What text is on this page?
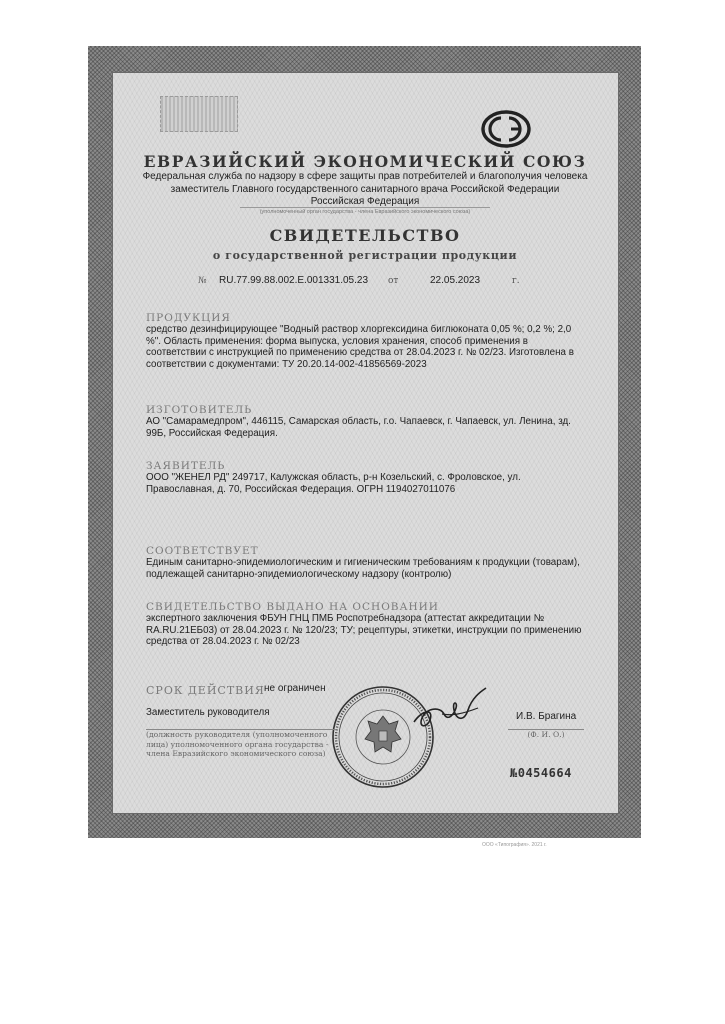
ЕВРАЗИЙСКИЙ ЭКОНОМИЧЕСКИЙ СОЮЗ
Федеральная служба по надзору в сфере защиты прав потребителей и благополучия человека
заместитель Главного государственного санитарного врача Российской Федерации
Российская Федерация
(уполномоченный орган государства - члена Евразийского экономического союза)
СВИДЕТЕЛЬСТВО
о государственной регистрации продукции
№ RU.77.99.88.002.E.001331.05.23 от	22.05.2023	г.
ПРОДУКЦИЯ
средство дезинфицирующее "Водный раствор хлоргексидина биглюконата 0,05 %; 0,2 %; 2,0 %". Область применения: форма выпуска, условия хранения, способ применения в соответствии с инструкцией по применению средства от 28.04.2023 г. № 02/23. Изготовлена в соответствии с документами: ТУ 20.20.14-002-41856569-2023
ИЗГОТОВИТЕЛЬ
АО "Самарамедпром", 446115, Самарская область, г.о. Чапаевск, г. Чапаевск, ул. Ленина, зд. 99Б, Российская Федерация.
ЗАЯВИТЕЛЬ
ООО "ЖЕНЕЛ РД" 249717, Калужская область, р-н Козельский, с. Фроловское, ул. Православная, д. 70, Российская Федерация. ОГРН 1194027011076
СООТВЕТСТВУЕТ
Единым санитарно-эпидемиологическим и гигиеническим требованиям к продукции (товарам), подлежащей санитарно-эпидемиологическому надзору (контролю)
СВИДЕТЕЛЬСТВО ВЫДАНО НА ОСНОВАНИИ
экспертного заключения ФБУН ГНЦ ПМБ Роспотребнадзора (аттестат аккредитации № RA.RU.21ЕБ03) от 28.04.2023 г. № 120/23; ТУ; рецептуры, этикетки, инструкции по применению средства от 28.04.2023 г. № 02/23
СРОК ДЕЙСТВИЯ не ограничен
Заместитель руководителя	И.В. Брагина
(должность руководителя (уполномоченного лица) уполномоченного органа государства - члена Евразийского экономического союза)
(Ф. И. О.)
№0454664
ООО «Типография». 2021 г.
